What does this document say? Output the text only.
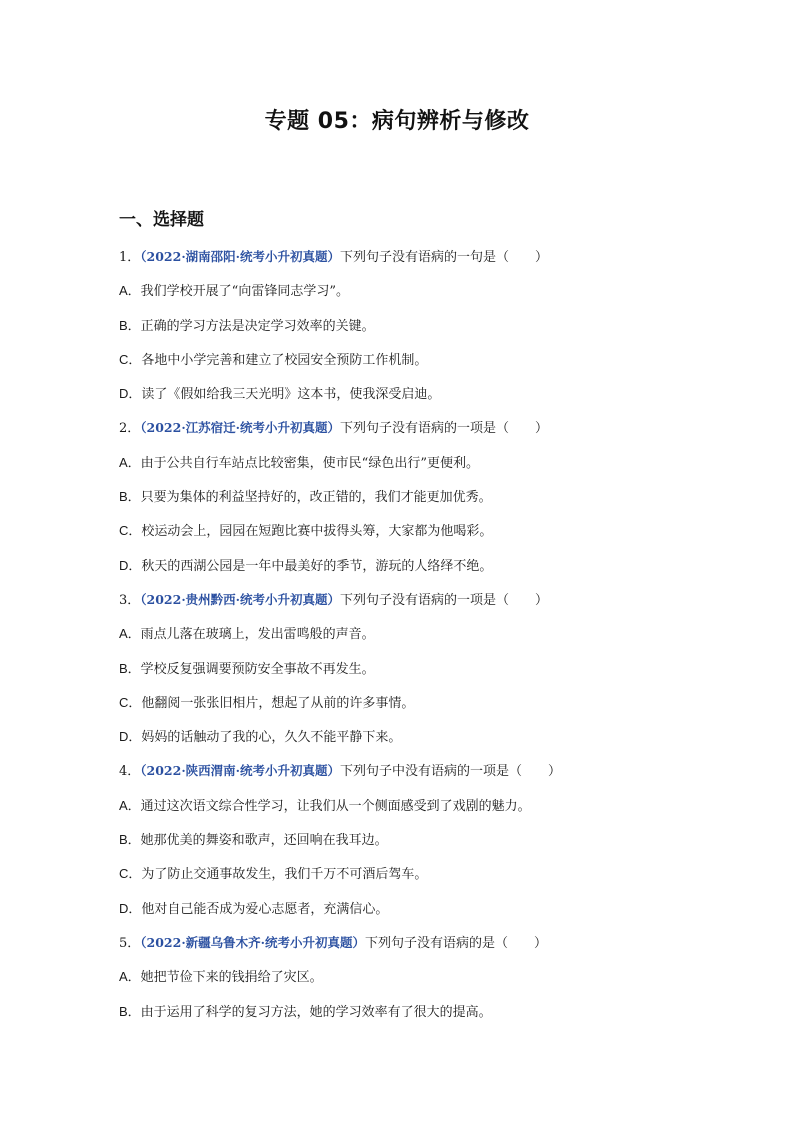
专题 05：病句辨析与修改
一、选择题
1．（2022·湖南邵阳·统考小升初真题）下列句子没有语病的一句是（　　）
A．我们学校开展了“向雷锋同志学习”。
B．正确的学习方法是决定学习效率的关键。
C．各地中小学完善和建立了校园安全预防工作机制。
D．读了《假如给我三天光明》这本书，使我深受启迪。
2．（2022·江苏宿迁·统考小升初真题）下列句子没有语病的一项是（　　）
A．由于公共自行车站点比较密集，使市民“绿色出行”更便利。
B．只要为集体的利益坚持好的，改正错的，我们才能更加优秀。
C．校运动会上，园园在短跑比赛中拔得头筹，大家都为他喝彩。
D．秋天的西湖公园是一年中最美好的季节，游玩的人络绎不绝。
3．（2022·贵州黔西·统考小升初真题）下列句子没有语病的一项是（　　）
A．雨点儿落在玻璃上，发出雷鸣般的声音。
B．学校反复强调要预防安全事故不再发生。
C．他翻阅一张张旧相片，想起了从前的许多事情。
D．妈妈的话触动了我的心，久久不能平静下来。
4．（2022·陕西渭南·统考小升初真题）下列句子中没有语病的一项是（　　）
A．通过这次语文综合性学习，让我们从一个侧面感受到了戏剧的魅力。
B．她那优美的舞姿和歌声，还回响在我耳边。
C．为了防止交通事故发生，我们千万不可酒后驾车。
D．他对自己能否成为爱心志愿者，充满信心。
5．（2022·新疆乌鲁木齐·统考小升初真题）下列句子没有语病的是（　　）
A．她把节俭下来的钱捐给了灾区。
B．由于运用了科学的复习方法，她的学习效率有了很大的提高。
